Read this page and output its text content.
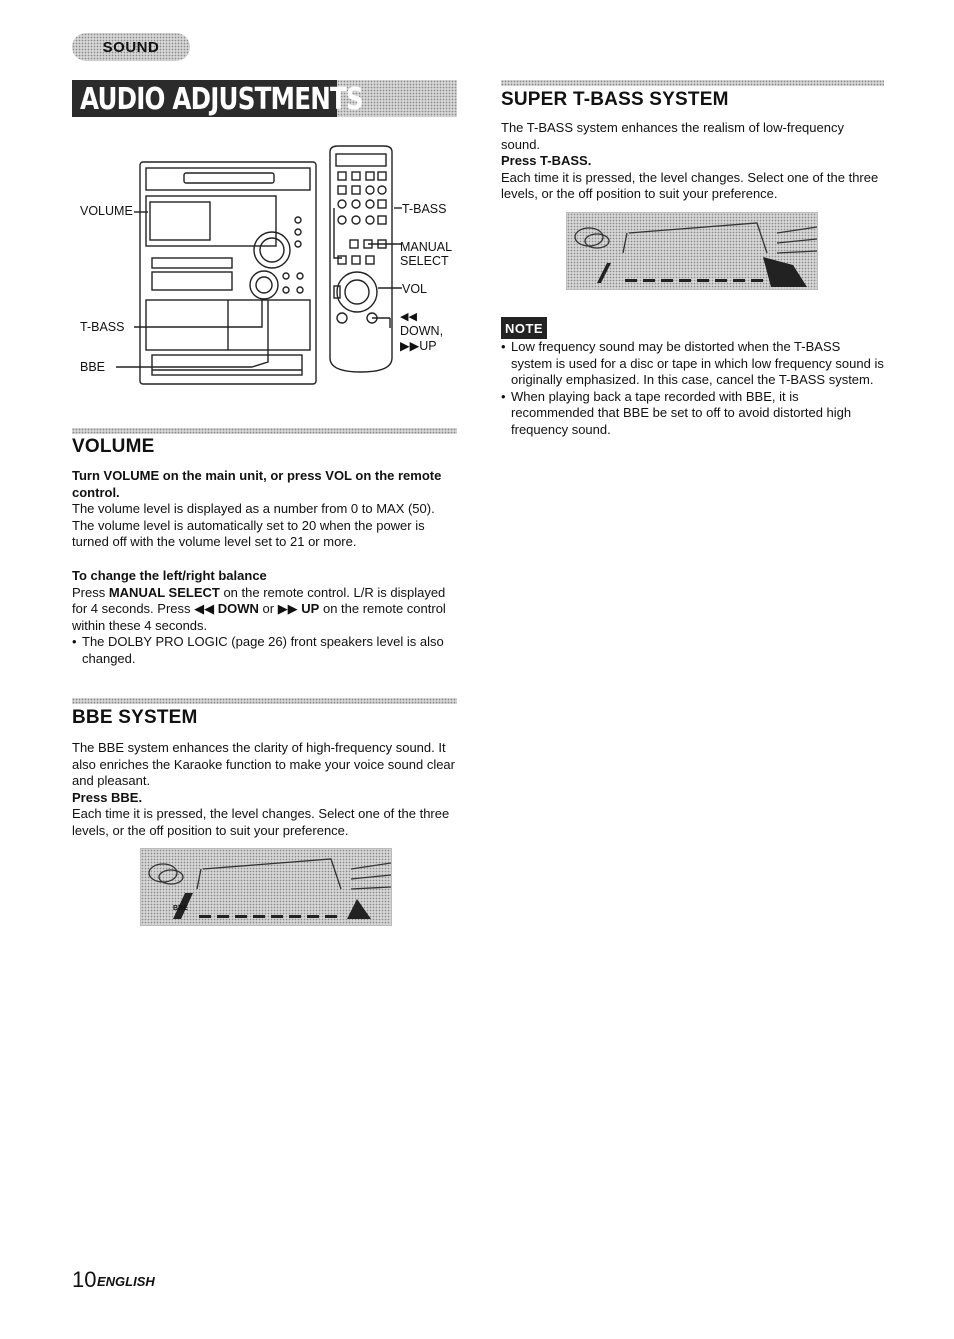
SOUND
AUDIO ADJUSTMENTS
VOLUME	T-BASS
MANUAL
SELECT
VOL
◀◀
DOWN,
▶▶UP
T-BASS
BBE
VOLUME

Turn VOLUME on the main unit, or press VOL on the remote control.

The volume level is displayed as a number from 0 to MAX (50). The volume level is automatically set to 20 when the power is turned off with the volume level set to 21 or more.

To change the left/right balance

Press MANUAL SELECT on the remote control. L/R is displayed for 4 seconds. Press ◀◀ DOWN or ▶▶ UP on the remote control within these 4 seconds.

• The DOLBY PRO LOGIC (page 26) front speakers level is also changed.

BBE SYSTEM

The BBE system enhances the clarity of high-frequency sound. It also enriches the Karaoke function to make your voice sound clear and pleasant.

Press BBE.

Each time it is pressed, the level changes. Select one of the three levels, or the off position to suit your preference.

BBE
SUPER T-BASS SYSTEM

The T-BASS system enhances the realism of low-frequency sound.

Press T-BASS.

Each time it is pressed, the level changes. Select one of the three levels, or the off position to suit your preference.

NOTE

• Low frequency sound may be distorted when the T-BASS system is used for a disc or tape in which low frequency sound is originally emphasized. In this case, cancel the T-BASS system.

• When playing back a tape recorded with BBE, it is recommended that BBE be set to off to avoid distorted high frequency sound.

10 ENGLISH
